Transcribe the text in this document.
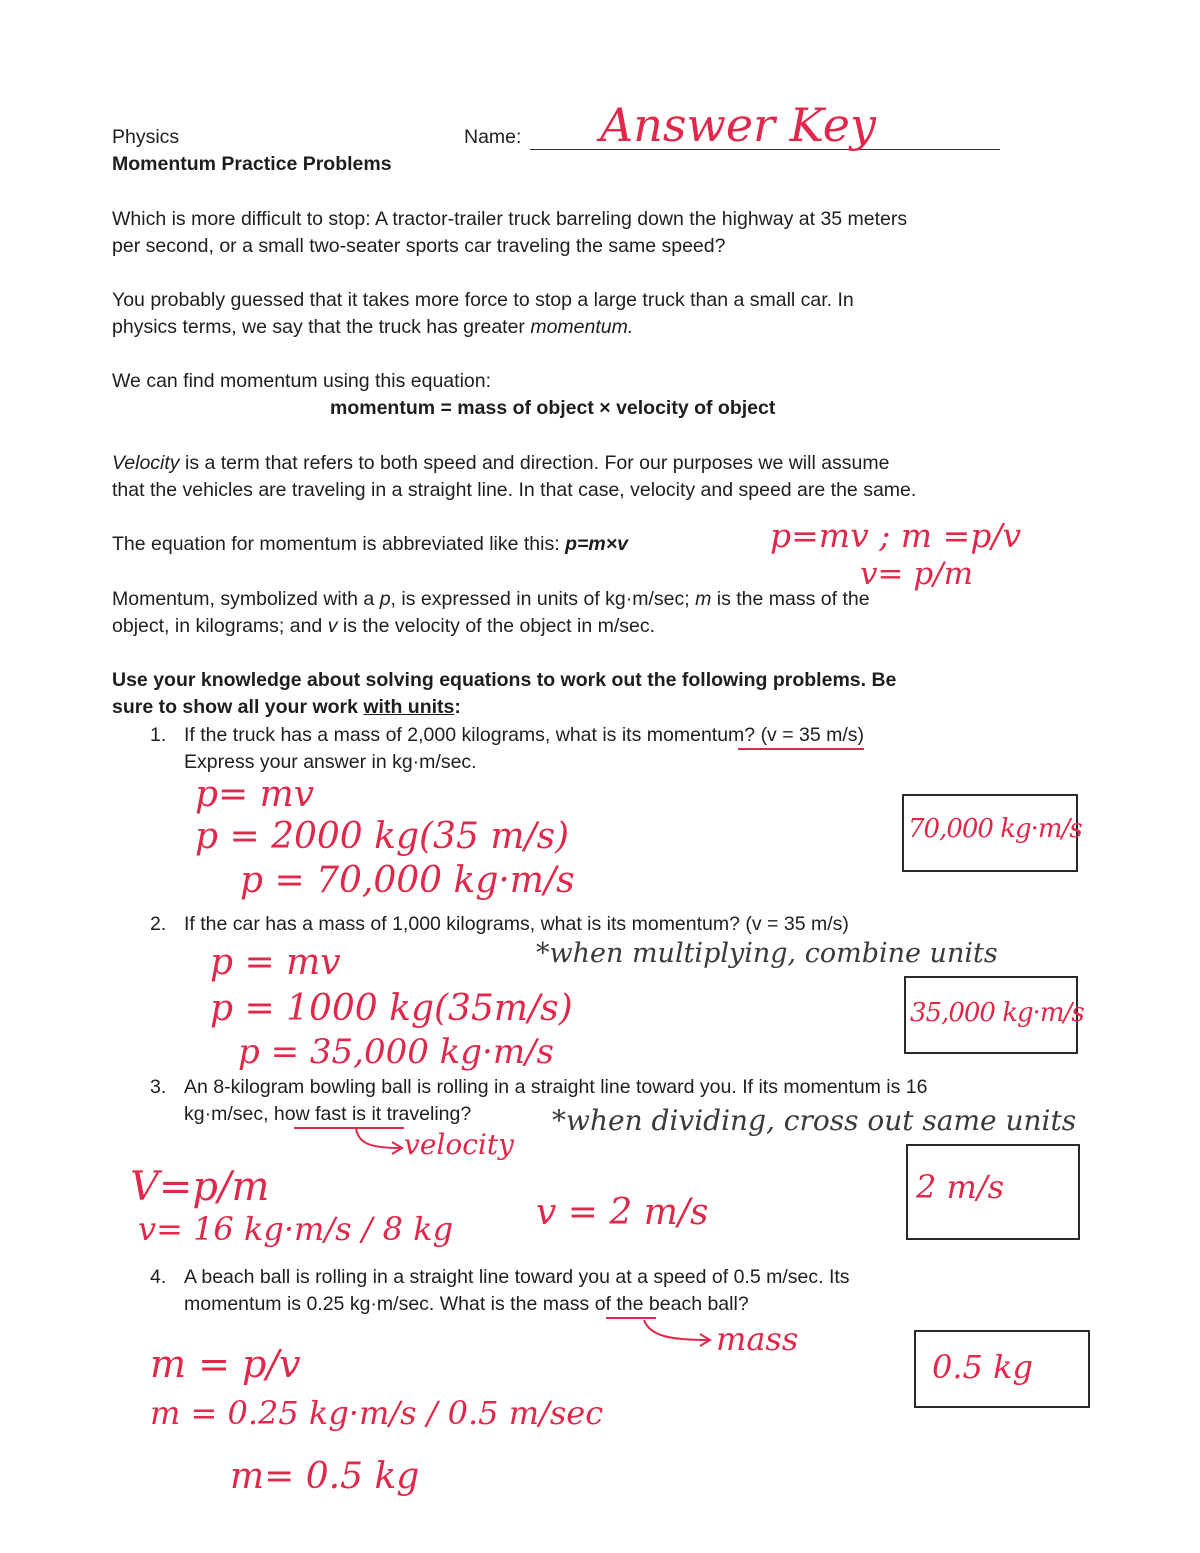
Physics
Momentum Practice Problems
Name: Answer Key
Which is more difficult to stop: A tractor-trailer truck barreling down the highway at 35 meters
per second, or a small two-seater sports car traveling the same speed?
You probably guessed that it takes more force to stop a large truck than a small car. In
physics terms, we say that the truck has greater momentum.
We can find momentum using this equation:
momentum = mass of object × velocity of object
Velocity is a term that refers to both speed and direction. For our purposes we will assume
that the vehicles are traveling in a straight line. In that case, velocity and speed are the same.
The equation for momentum is abbreviated like this: p=m×v	p=mv ; m =p/v
v= p/m
Momentum, symbolized with a p, is expressed in units of kg·m/sec; m is the mass of the
object, in kilograms; and v is the velocity of the object in m/sec.
Use your knowledge about solving equations to work out the following problems. Be
sure to show all your work with units:
1. If the truck has a mass of 2,000 kilograms, what is its momentum? (v = 35 m/s)
Express your answer in kg·m/sec.
p= mv
p = 2000 kg(35 m/s)
p = 70,000 kg·m/s
70,000 kg·m/s
2. If the car has a mass of 1,000 kilograms, what is its momentum? (v = 35 m/s)
*when multiplying, combine units
p = mv
p = 1000 kg(35m/s)
p = 35,000 kg·m/s
35,000 kg·m/s
3. An 8-kilogram bowling ball is rolling in a straight line toward you. If its momentum is 16
kg·m/sec, how fast is it traveling?
velocity
*when dividing, cross out same units
V=p/m
v= 16 kg·m/s / 8 kg v = 2 m/s
2 m/s
4. A beach ball is rolling in a straight line toward you at a speed of 0.5 m/sec. Its
momentum is 0.25 kg·m/sec. What is the mass of the beach ball?
mass
m = p/v
m = 0.25 kg·m/s / 0.5 m/sec
m= 0.5 kg
0.5 kg
